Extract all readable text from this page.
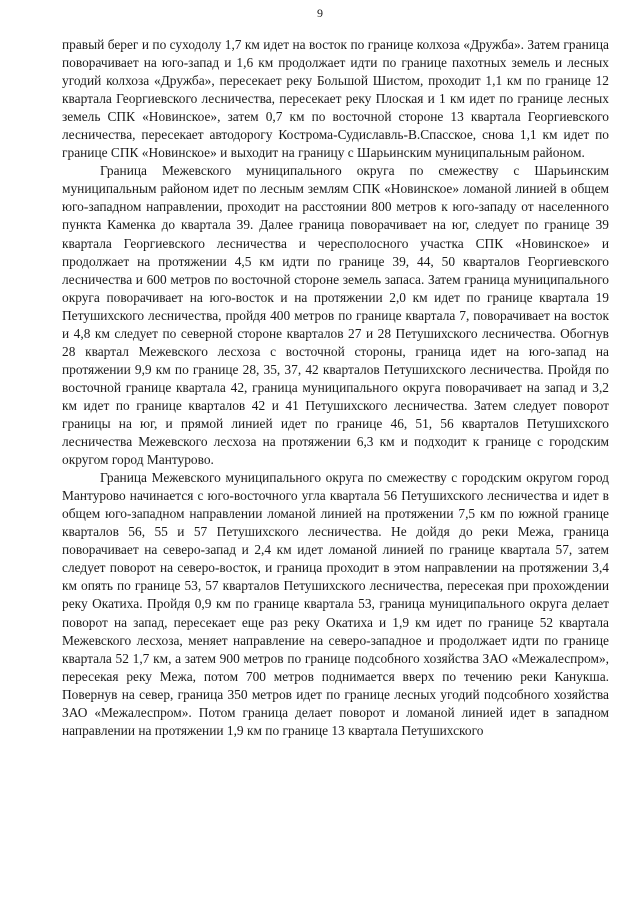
9

правый берег и по суходолу 1,7 км идет на восток по границе колхоза «Дружба». Затем граница поворачивает на юго-запад и 1,6 км продолжает идти по границе пахотных земель и лесных угодий колхоза «Дружба», пересекает реку Большой Шистом, проходит 1,1 км по границе 12 квартала Георгиевского лесничества, пересекает реку Плоская и 1 км идет по границе лесных земель СПК «Новинское», затем 0,7 км по восточной стороне 13 квартала Георгиевского лесничества, пересекает автодорогу Кострома-Судиславль-В.Спасское, снова 1,1 км идет по границе СПК «Новинское» и выходит на границу с Шарьинским муниципальным районом.

Граница Межевского муниципального округа по смежеству с Шарьинским муниципальным районом идет по лесным землям СПК «Новинское» ломаной линией в общем юго-западном направлении, проходит на расстоянии 800 метров к юго-западу от населенного пункта Каменка до квартала 39. Далее граница поворачивает на юг, следует по границе 39 квартала Георгиевского лесничества и чересполосного участка СПК «Новинское» и продолжает на протяжении 4,5 км идти по границе 39, 44, 50 кварталов Георгиевского лесничества и 600 метров по восточной стороне земель запаса. Затем граница муниципального округа поворачивает на юго-восток и на протяжении 2,0 км идет по границе квартала 19 Петушихского лесничества, пройдя 400 метров по границе квартала 7, поворачивает на восток и 4,8 км следует по северной стороне кварталов 27 и 28 Петушихского лесничества. Обогнув 28 квартал Межевского лесхоза с восточной стороны, граница идет на юго-запад на протяжении 9,9 км по границе 28, 35, 37, 42 кварталов Петушихского лесничества. Пройдя по восточной границе квартала 42, граница муниципального округа поворачивает на запад и 3,2 км идет по границе кварталов 42 и 41 Петушихского лесничества. Затем следует поворот границы на юг, и прямой линией идет по границе 46, 51, 56 кварталов Петушихского лесничества Межевского лесхоза на протяжении 6,3 км и подходит к границе с городским округом город Мантурово.

Граница Межевского муниципального округа по смежеству с городским округом город Мантурово начинается с юго-восточного угла квартала 56 Петушихского лесничества и идет в общем юго-западном направлении ломаной линией на протяжении 7,5 км по южной границе кварталов 56, 55 и 57 Петушихского лесничества. Не дойдя до реки Межа, граница поворачивает на северо-запад и 2,4 км идет ломаной линией по границе квартала 57, затем следует поворот на северо-восток, и граница проходит в этом направлении на протяжении 3,4 км опять по границе 53, 57 кварталов Петушихского лесничества, пересекая при прохождении реку Окатиха. Пройдя 0,9 км по границе квартала 53, граница муниципального округа делает поворот на запад, пересекает еще раз реку Окатиха и 1,9 км идет по границе 52 квартала Межевского лесхоза, меняет направление на северо-западное и продолжает идти по границе квартала 52 1,7 км, а затем 900 метров по границе подсобного хозяйства ЗАО «Межалеспром», пересекая реку Межа, потом 700 метров поднимается вверх по течению реки Канукша. Повернув на север, граница 350 метров идет по границе лесных угодий подсобного хозяйства ЗАО «Межалеспром». Потом граница делает поворот и ломаной линией идет в западном направлении на протяжении 1,9 км по границе 13 квартала Петушихского
